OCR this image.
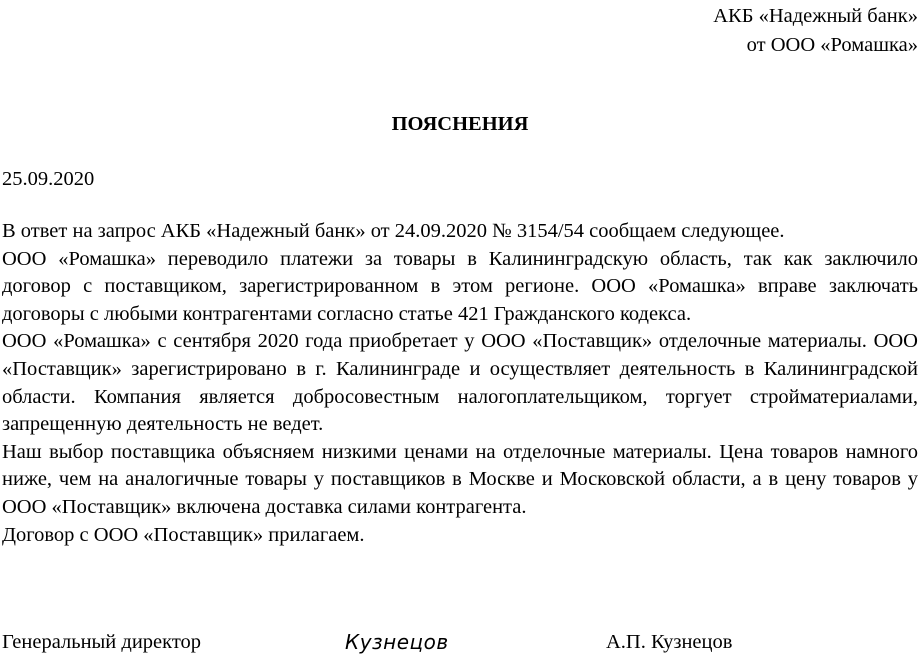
АКБ «Надежный банк»
от ООО «Ромашка»
ПОЯСНЕНИЯ
25.09.2020

В ответ на запрос АКБ «Надежный банк» от 24.09.2020 № 3154/54 сообщаем следующее.

ООО «Ромашка» переводило платежи за товары в Калининградскую область, так как заключило договор с поставщиком, зарегистрированном в этом регионе. ООО «Ромашка» вправе заключать договоры с любыми контрагентами согласно статье 421 Гражданского кодекса.

ООО «Ромашка» с сентября 2020 года приобретает у ООО «Поставщик» отделочные материалы. ООО «Поставщик» зарегистрировано в г. Калининграде и осуществляет деятельность в Калининградской области. Компания является добросовестным налогоплательщиком, торгует стройматериалами, запрещенную деятельность не ведет.

Наш выбор поставщика объясняем низкими ценами на отделочные материалы. Цена товаров намного ниже, чем на аналогичные товары у поставщиков в Москве и Московской области, а в цену товаров у ООО «Поставщик» включена доставка силами контрагента.

Договор с ООО «Поставщик» прилагаем.

Генеральный директор	Кузнецов	А.П. Кузнецов
